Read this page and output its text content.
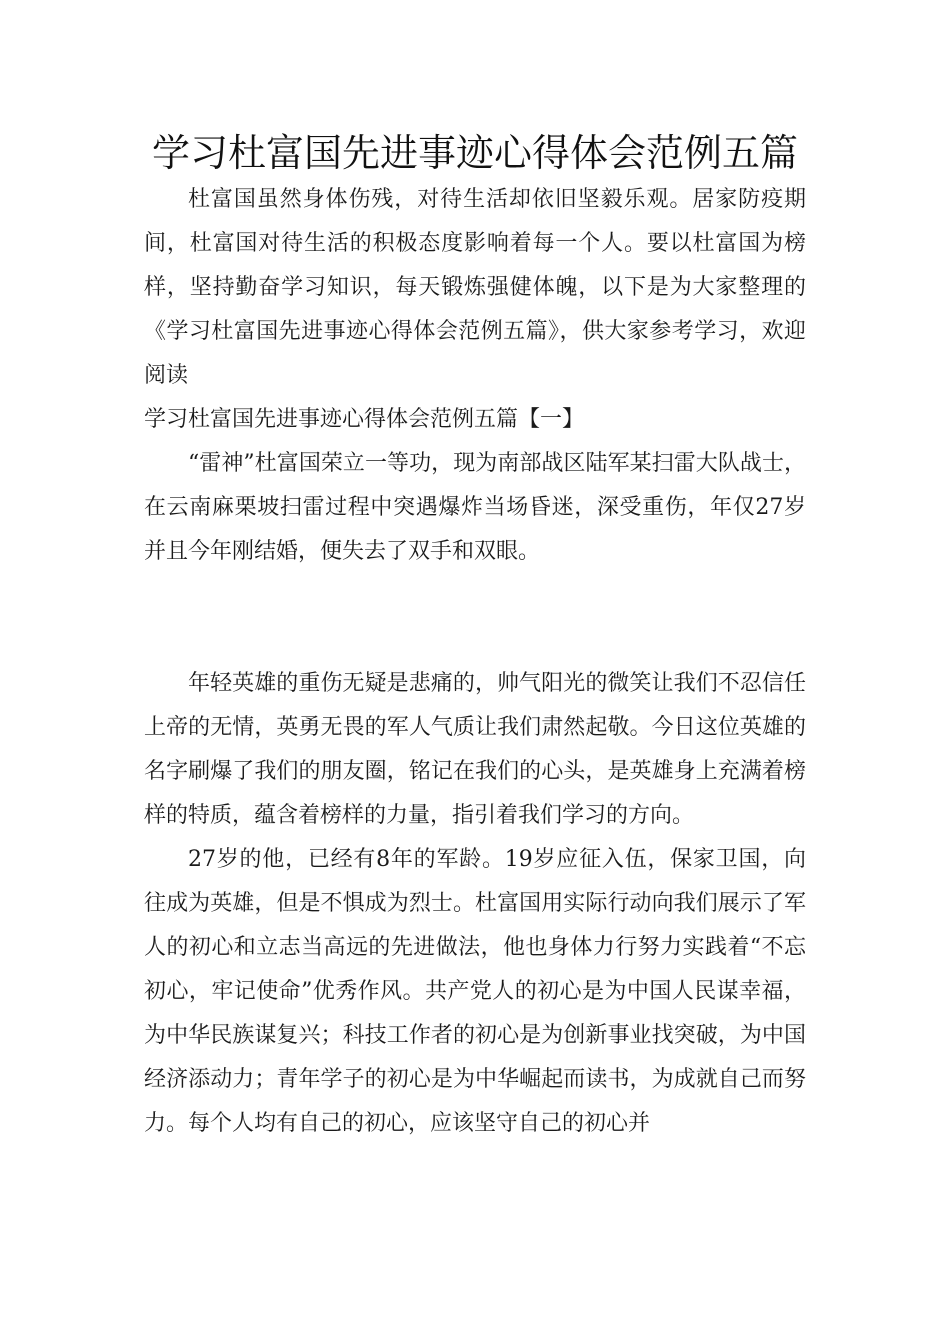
学习杜富国先进事迹心得体会范例五篇

杜富国虽然身体伤残，对待生活却依旧坚毅乐观。居家防疫期间，杜富国对待生活的积极态度影响着每一个人。要以杜富国为榜样，坚持勤奋学习知识，每天锻炼强健体魄，以下是为大家整理的《学习杜富国先进事迹心得体会范例五篇》，供大家参考学习，欢迎阅读

学习杜富国先进事迹心得体会范例五篇【一】

“雷神”杜富国荣立一等功，现为南部战区陆军某扫雷大队战士，在云南麻栗坡扫雷过程中突遇爆炸当场昏迷，深受重伤，年仅27岁并且今年刚结婚，便失去了双手和双眼。

年轻英雄的重伤无疑是悲痛的，帅气阳光的微笑让我们不忍信任上帝的无情，英勇无畏的军人气质让我们肃然起敬。今日这位英雄的名字刷爆了我们的朋友圈，铭记在我们的心头，是英雄身上充满着榜样的特质，蕴含着榜样的力量，指引着我们学习的方向。

27岁的他，已经有8年的军龄。19岁应征入伍，保家卫国，向往成为英雄，但是不惧成为烈士。杜富国用实际行动向我们展示了军人的初心和立志当高远的先进做法，他也身体力行努力实践着“不忘初心，牢记使命”优秀作风。共产党人的初心是为中国人民谋幸福，为中华民族谋复兴；科技工作者的初心是为创新事业找突破，为中国经济添动力；青年学子的初心是为中华崛起而读书，为成就自己而努力。每个人均有自己的初心，应该坚守自己的初心并
